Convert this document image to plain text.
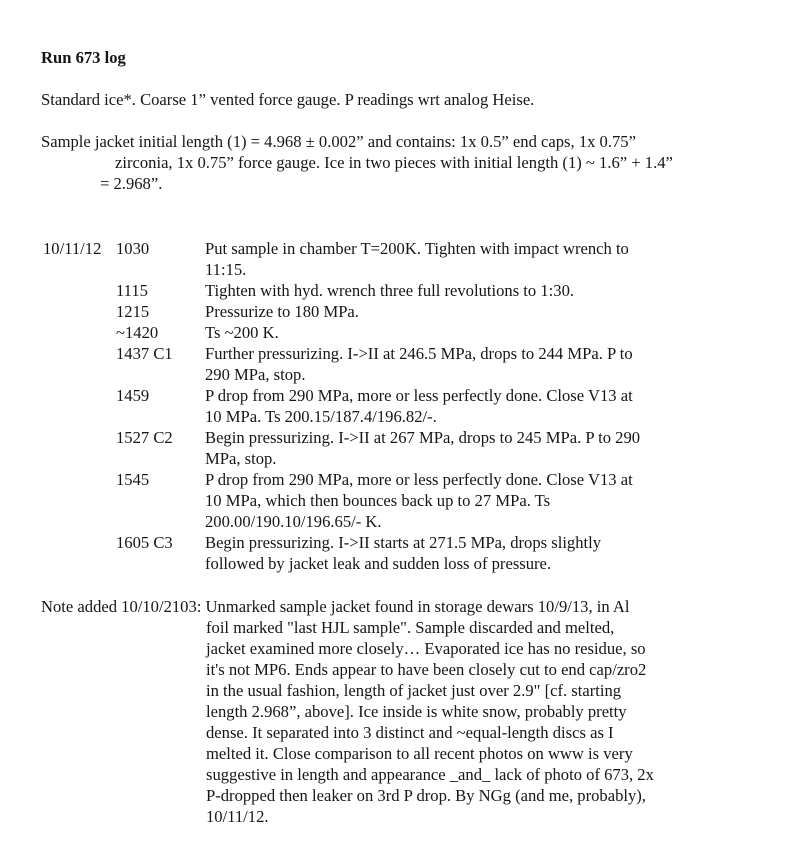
Run 673 log

Standard ice*. Coarse 1” vented force gauge. P readings wrt analog Heise.

Sample jacket initial length (1) = 4.968 ± 0.002” and contains: 1x 0.5” end caps, 1x 0.75”
zirconia, 1x 0.75” force gauge. Ice in two pieces with initial length (1) ~ 1.6” + 1.4”
= 2.968”.
10/11/12 1030	Put sample in chamber T=200K. Tighten with impact wrench to
11:15.
1115	Tighten with hyd. wrench three full revolutions to 1:30.
1215	Pressurize to 180 MPa.
~1420	Ts ~200 K.
1437 C1 Further pressurizing. I->II at 246.5 MPa, drops to 244 MPa. P to
290 MPa, stop.
1459	P drop from 290 MPa, more or less perfectly done. Close V13 at
10 MPa. Ts 200.15/187.4/196.82/-.
1527 C2 Begin pressurizing. I->II at 267 MPa, drops to 245 MPa. P to 290
MPa, stop.
1545	P drop from 290 MPa, more or less perfectly done. Close V13 at
10 MPa, which then bounces back up to 27 MPa. Ts
200.00/190.10/196.65/- K.
1605 C3 Begin pressurizing. I->II starts at 271.5 MPa, drops slightly
followed by jacket leak and sudden loss of pressure.
Note added 10/10/2103: Unmarked sample jacket found in storage dewars 10/9/13, in Al
foil marked "last HJL sample". Sample discarded and melted,
jacket examined more closely… Evaporated ice has no residue, so
it's not MP6. Ends appear to have been closely cut to end cap/zro2
in the usual fashion, length of jacket just over 2.9" [cf. starting
length 2.968”, above]. Ice inside is white snow, probably pretty
dense. It separated into 3 distinct and ~equal-length discs as I
melted it. Close comparison to all recent photos on www is very
suggestive in length and appearance _and_ lack of photo of 673, 2x
P-dropped then leaker on 3rd P drop. By NGg (and me, probably),
10/11/12.
